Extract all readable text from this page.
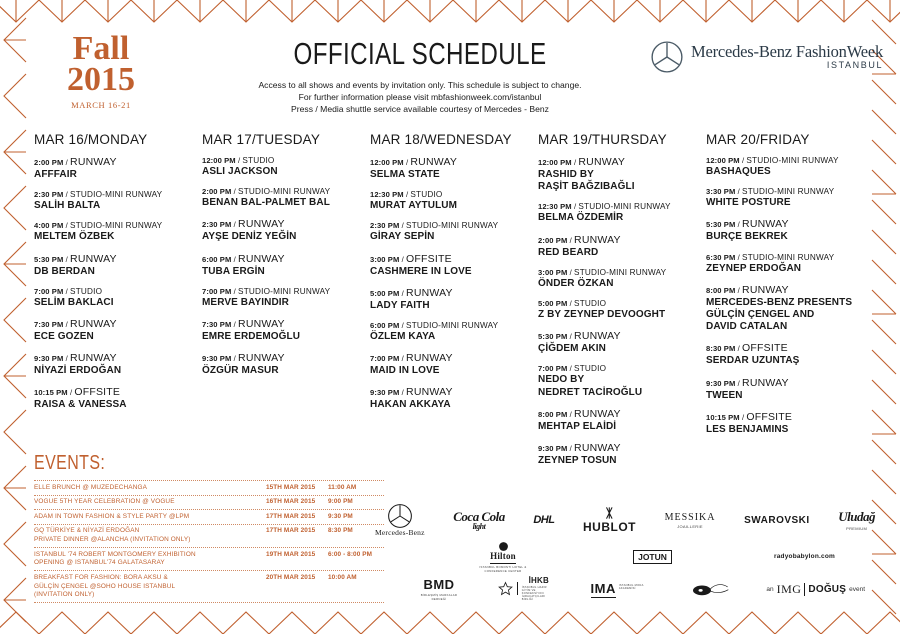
Fall
2015
MARCH 16-21
OFFICIAL SCHEDULE
Access to all shows and events by invitation only. This schedule is subject to change.
For further information please visit mbfashionweek.com/istanbul
Press / Media shuttle service available courtesy of Mercedes - Benz
Mercedes-Benz FashionWeek
ISTANBUL
MAR 16/MONDAY
2:00 PM / RUNWAY
AFFFAIR
2:30 PM / STUDIO-MINI RUNWAY
SALİH BALTA
4:00 PM / STUDIO-MINI RUNWAY
MELTEM ÖZBEK
5:30 PM / RUNWAY
DB BERDAN
7:00 PM / STUDIO
SELİM BAKLACI
7:30 PM / RUNWAY
ECE GOZEN
9:30 PM / RUNWAY
NİYAZİ ERDOĞAN
10:15 PM / OFFSITE
RAISA & VANESSA
MAR 17/TUESDAY
12:00 PM / STUDIO
ASLI JACKSON
2:00 PM / STUDIO-MINI RUNWAY
BENAN BAL-PALMET BAL
2:30 PM / RUNWAY
AYŞE DENİZ YEĞİN
6:00 PM / RUNWAY
TUBA ERGİN
7:00 PM / STUDIO-MINI RUNWAY
MERVE BAYINDIR
7:30 PM / RUNWAY
EMRE ERDEMOĞLU
9:30 PM / RUNWAY
ÖZGÜR MASUR
MAR 18/WEDNESDAY
12:00 PM / RUNWAY
SELMA STATE
12:30 PM / STUDIO
MURAT AYTULUM
2:30 PM / STUDIO-MINI RUNWAY
GİRAY SEPİN
3:00 PM / OFFSITE
CASHMERE IN LOVE
5:00 PM / RUNWAY
LADY FAITH
6:00 PM / STUDIO-MINI RUNWAY
ÖZLEM KAYA
7:00 PM / RUNWAY
MAID IN LOVE
9:30 PM / RUNWAY
HAKAN AKKAYA
MAR 19/THURSDAY
12:00 PM / RUNWAY
RASHID BY
RAŞİT BAĞZIBAĞLI
12:30 PM / STUDIO-MINI RUNWAY
BELMA ÖZDEMİR
2:00 PM / RUNWAY
RED BEARD
3:00 PM / STUDIO-MINI RUNWAY
ÖNDER ÖZKAN
5:00 PM / STUDIO
Z BY ZEYNEP DEVOOGHT
5:30 PM / RUNWAY
ÇİĞDEM AKIN
7:00 PM / STUDIO
NEDO BY
NEDRET TACİROĞLU
8:00 PM / RUNWAY
MEHTAP ELAİDİ
9:30 PM / RUNWAY
ZEYNEP TOSUN
MAR 20/FRIDAY
12:00 PM / STUDIO-MINI RUNWAY
BASHAQUES
3:30 PM / STUDIO-MINI RUNWAY
WHITE POSTURE
5:30 PM / RUNWAY
BURÇE BEKREK
6:30 PM / STUDIO-MINI RUNWAY
ZEYNEP ERDOĞAN
8:00 PM / RUNWAY
MERCEDES-BENZ PRESENTS
GÜLÇİN ÇENGEL AND
DAVID CATALAN
8:30 PM / OFFSITE
SERDAR UZUNTAŞ
9:30 PM / RUNWAY
TWEEN
10:15 PM / OFFSITE
LES BENJAMINS
EVENTS:
ELLE BRUNCH @ MUZEDECHANGA	15TH MAR 2015	11:00 AM
VOGUE 5TH YEAR CELEBRATION @ VOGUE	16TH MAR 2015	9:00 PM
ADAM IN TOWN FASHION & STYLE PARTY @LPM	17TH MAR 2015	9:30 PM
GQ TÜRKİYE & NİYAZİ ERDOĞAN
PRIVATE DINNER @ALANCHA (INVITATION ONLY)
17TH MAR 2015	8:30 PM
ISTANBUL '74 ROBERT MONTGOMERY EXHIBITION
OPENING @ ISTANBUL'74 GALATASARAY
19TH MAR 2015	6:00 - 8:00 PM
BREAKFAST FOR FASHION: BORA AKSU &
GÜLÇİN ÇENGEL @SOHO HOUSE ISTANBUL
(INVITATION ONLY)
20TH MAR 2015	10:00 AM
Mercedes-Benz
Coca Cola
light
DHL HUBLOT
MESSIKA
JOAILLERIE
SWAROVSKI Uludağ
PREMIUM
Hilton
ISTANBUL BOMONTI HOTEL & CONFERENCE CENTER
JOTUN	radyobabylon.com
BMD
BİRLEŞMİŞ MARKALAR DERNEĞİ
İHKB
İSTANBUL HAZIR GİYİM VE KONFEKSİYON İHRACATÇILARI BİRLİĞİ
IMA ISTANBUL MODA AKADEMİSİ	an IMG DOĞUŞ event
